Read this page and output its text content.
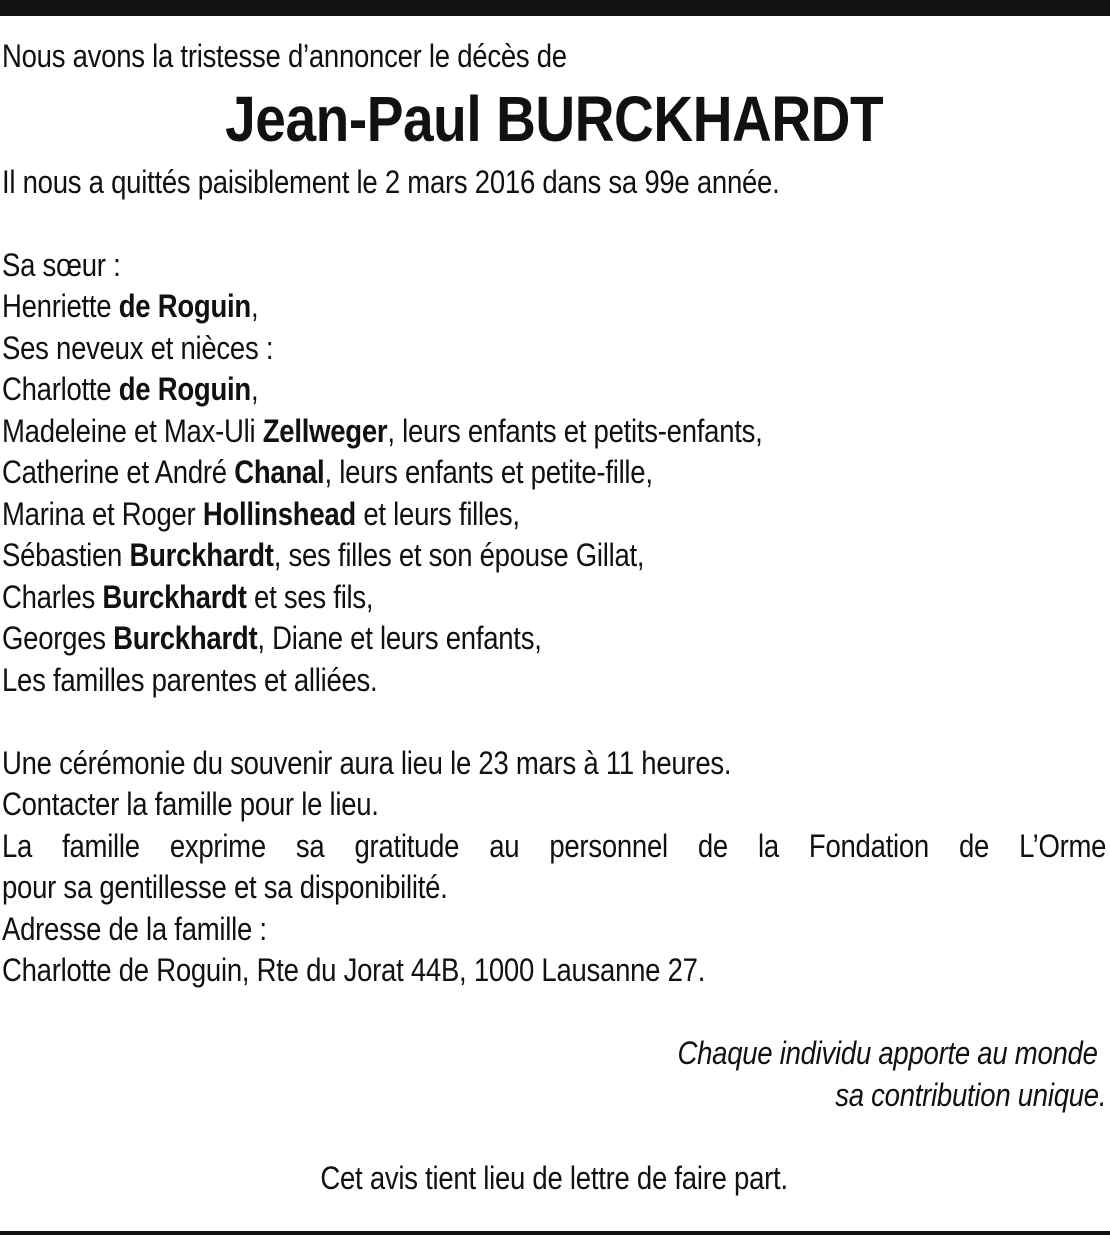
Nous avons la tristesse d’annoncer le décès de
Jean-Paul BURCKHARDT
Il nous a quittés paisiblement le 2 mars 2016 dans sa 99e année.
Sa sœur :
Henriette de Roguin,
Ses neveux et nièces :
Charlotte de Roguin,
Madeleine et Max-Uli Zellweger, leurs enfants et petits-enfants,
Catherine et André Chanal, leurs enfants et petite-fille,
Marina et Roger Hollinshead et leurs filles,
Sébastien Burckhardt, ses filles et son épouse Gillat,
Charles Burckhardt et ses fils,
Georges Burckhardt, Diane et leurs enfants,
Les familles parentes et alliées.
Une cérémonie du souvenir aura lieu le 23 mars à 11 heures.
Contacter la famille pour le lieu.
La famille exprime sa gratitude au personnel de la Fondation de L’Orme
pour sa gentillesse et sa disponibilité.
Adresse de la famille :
Charlotte de Roguin, Rte du Jorat 44B, 1000 Lausanne 27.
Chaque individu apporte au monde
sa contribution unique.
Cet avis tient lieu de lettre de faire part.
